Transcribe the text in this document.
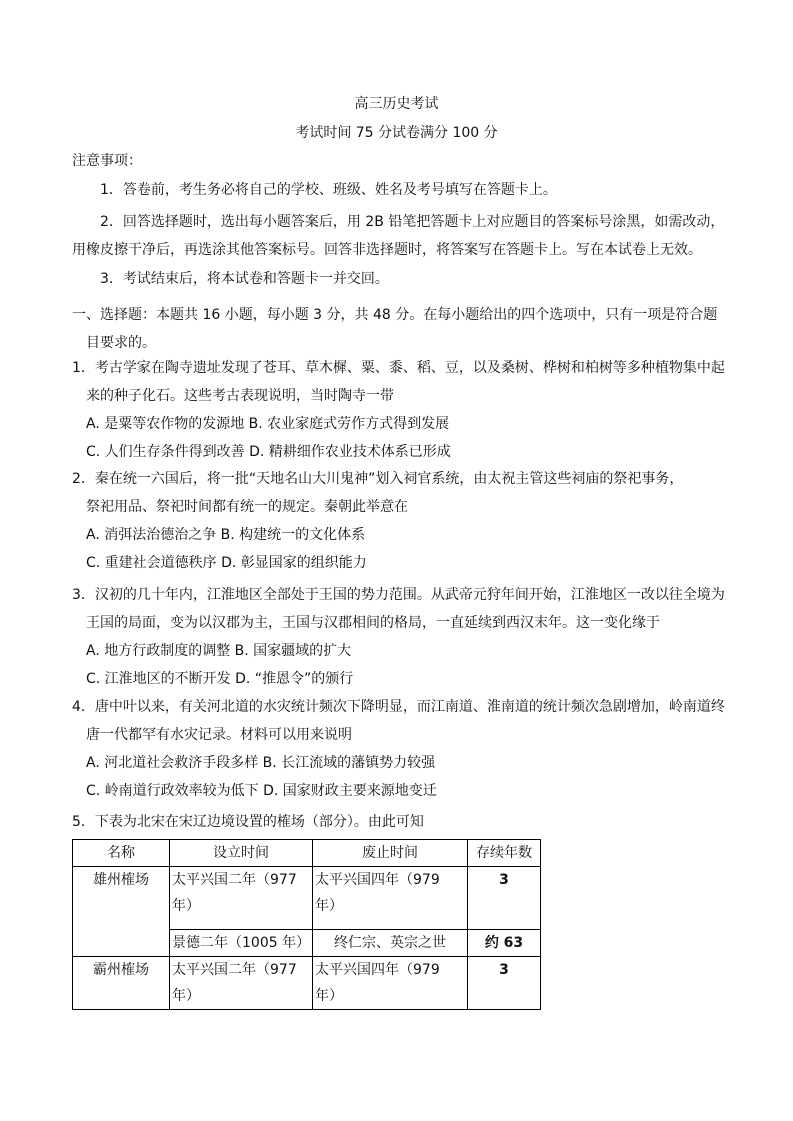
高三历史考试
考试时间 75 分试卷满分 100 分
注意事项：
1．答卷前，考生务必将自己的学校、班级、姓名及考号填写在答题卡上。
2．回答选择题时，选出每小题答案后，用 2B 铅笔把答题卡上对应题目的答案标号涂黑，如需改动，
用橡皮擦干净后，再选涂其他答案标号。回答非选择题时，将答案写在答题卡上。写在本试卷上无效。
3．考试结束后，将本试卷和答题卡一并交回。
一、选择题：本题共 16 小题，每小题 3 分，共 48 分。在每小题给出的四个选项中，只有一项是符合题
目要求的。
1．考古学家在陶寺遗址发现了苍耳、草木樨、粟、黍、稻、豆，以及桑树、桦树和柏树等多种植物集中起
来的种子化石。这些考古表现说明，当时陶寺一带
A. 是粟等农作物的发源地 B. 农业家庭式劳作方式得到发展
C. 人们生存条件得到改善 D. 精耕细作农业技术体系已形成
2．秦在统一六国后，将一批“天地名山大川鬼神”划入祠官系统，由太祝主管这些祠庙的祭祀事务，
祭祀用品、祭祀时间都有统一的规定。秦朝此举意在
A. 消弭法治德治之争 B. 构建统一的文化体系
C. 重建社会道德秩序 D. 彰显国家的组织能力
3．汉初的几十年内，江淮地区全部处于王国的势力范围。从武帝元狩年间开始，江淮地区一改以往全境为
王国的局面，变为以汉郡为主，王国与汉郡相间的格局，一直延续到西汉末年。这一变化缘于
A. 地方行政制度的调整 B. 国家疆域的扩大
C. 江淮地区的不断开发 D. “推恩令”的颁行
4．唐中叶以来，有关河北道的水灾统计频次下降明显，而江南道、淮南道的统计频次急剧增加，岭南道终
唐一代都罕有水灾记录。材料可以用来说明
A. 河北道社会救济手段多样 B. 长江流域的藩镇势力较强
C. 岭南道行政效率较为低下 D. 国家财政主要来源地变迁
5．下表为北宋在宋辽边境设置的榷场（部分）。由此可知
名称	设立时间	废止时间	存续年数
雄州榷场	太平兴国二年（977 年）	太平兴国四年（979 年）	3
	景德二年（1005 年）	终仁宗、英宗之世	约 63
霸州榷场	太平兴国二年（977 年）	太平兴国四年（979 年）	3
